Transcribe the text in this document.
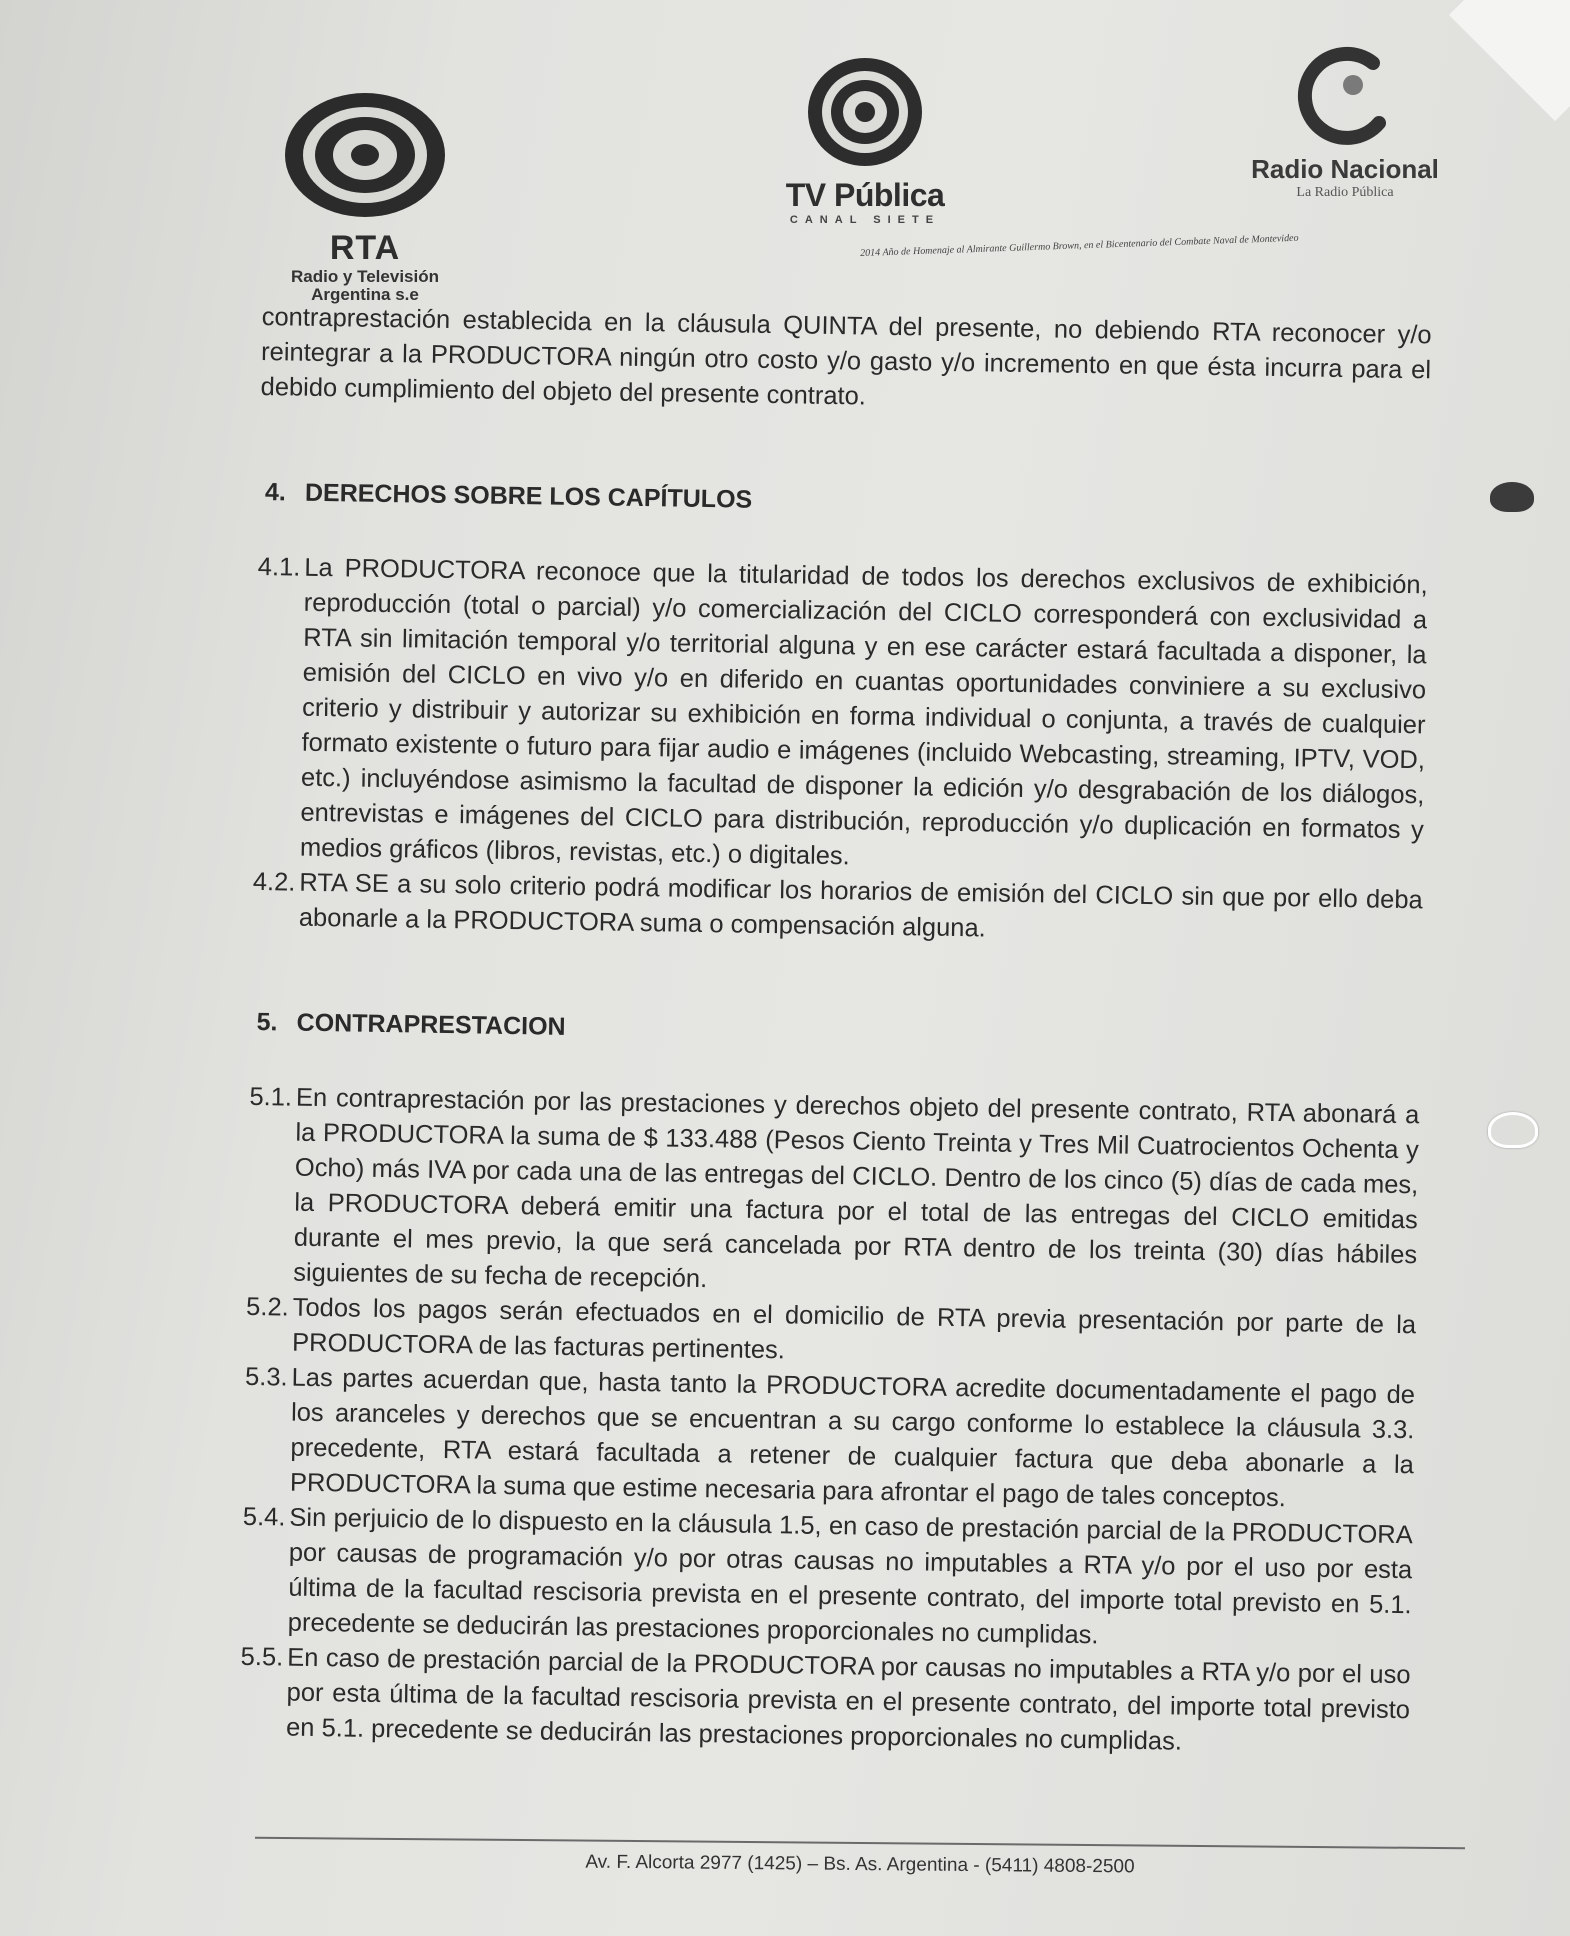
RTA
Radio y Televisión
Argentina s.e
TV Pública
CANAL SIETE
Radio Nacional
La Radio Pública
2014 Año de Homenaje al Almirante Guillermo Brown, en el Bicentenario del Combate Naval de Montevideo

contraprestación establecida en la cláusula QUINTA del presente, no debiendo RTA reconocer y/o reintegrar a la PRODUCTORA ningún otro costo y/o gasto y/o incremento en que ésta incurra para el debido cumplimiento del objeto del presente contrato.

4. DERECHOS SOBRE LOS CAPÍTULOS
4.1. La PRODUCTORA reconoce que la titularidad de todos los derechos exclusivos de exhibición, reproducción (total o parcial) y/o comercialización del CICLO corresponderá con exclusividad a RTA sin limitación temporal y/o territorial alguna y en ese carácter estará facultada a disponer, la emisión del CICLO en vivo y/o en diferido en cuantas oportunidades conviniere a su exclusivo criterio y distribuir y autorizar su exhibición en forma individual o conjunta, a través de cualquier formato existente o futuro para fijar audio e imágenes (incluido Webcasting, streaming, IPTV, VOD, etc.) incluyéndose asimismo la facultad de disponer la edición y/o desgrabación de los diálogos, entrevistas e imágenes del CICLO para distribución, reproducción y/o duplicación en formatos y medios gráficos (libros, revistas, etc.) o digitales.
4.2. RTA SE a su solo criterio podrá modificar los horarios de emisión del CICLO sin que por ello deba abonarle a la PRODUCTORA suma o compensación alguna.
5. CONTRAPRESTACION
5.1. En contraprestación por las prestaciones y derechos objeto del presente contrato, RTA abonará a la PRODUCTORA la suma de $ 133.488 (Pesos Ciento Treinta y Tres Mil Cuatrocientos Ochenta y Ocho) más IVA por cada una de las entregas del CICLO. Dentro de los cinco (5) días de cada mes, la PRODUCTORA deberá emitir una factura por el total de las entregas del CICLO emitidas durante el mes previo, la que será cancelada por RTA dentro de los treinta (30) días hábiles siguientes de su fecha de recepción.
5.2. Todos los pagos serán efectuados en el domicilio de RTA previa presentación por parte de la PRODUCTORA de las facturas pertinentes.
5.3. Las partes acuerdan que, hasta tanto la PRODUCTORA acredite documentadamente el pago de los aranceles y derechos que se encuentran a su cargo conforme lo establece la cláusula 3.3. precedente, RTA estará facultada a retener de cualquier factura que deba abonarle a la PRODUCTORA la suma que estime necesaria para afrontar el pago de tales conceptos.
5.4. Sin perjuicio de lo dispuesto en la cláusula 1.5, en caso de prestación parcial de la PRODUCTORA por causas de programación y/o por otras causas no imputables a RTA y/o por el uso por esta última de la facultad rescisoria prevista en el presente contrato, del importe total previsto en 5.1. precedente se deducirán las prestaciones proporcionales no cumplidas.
5.5. En caso de prestación parcial de la PRODUCTORA por causas no imputables a RTA y/o por el uso por esta última de la facultad rescisoria prevista en el presente contrato, del importe total previsto en 5.1. precedente se deducirán las prestaciones proporcionales no cumplidas.
Av. F. Alcorta 2977 (1425) – Bs. As. Argentina - (5411) 4808-2500
